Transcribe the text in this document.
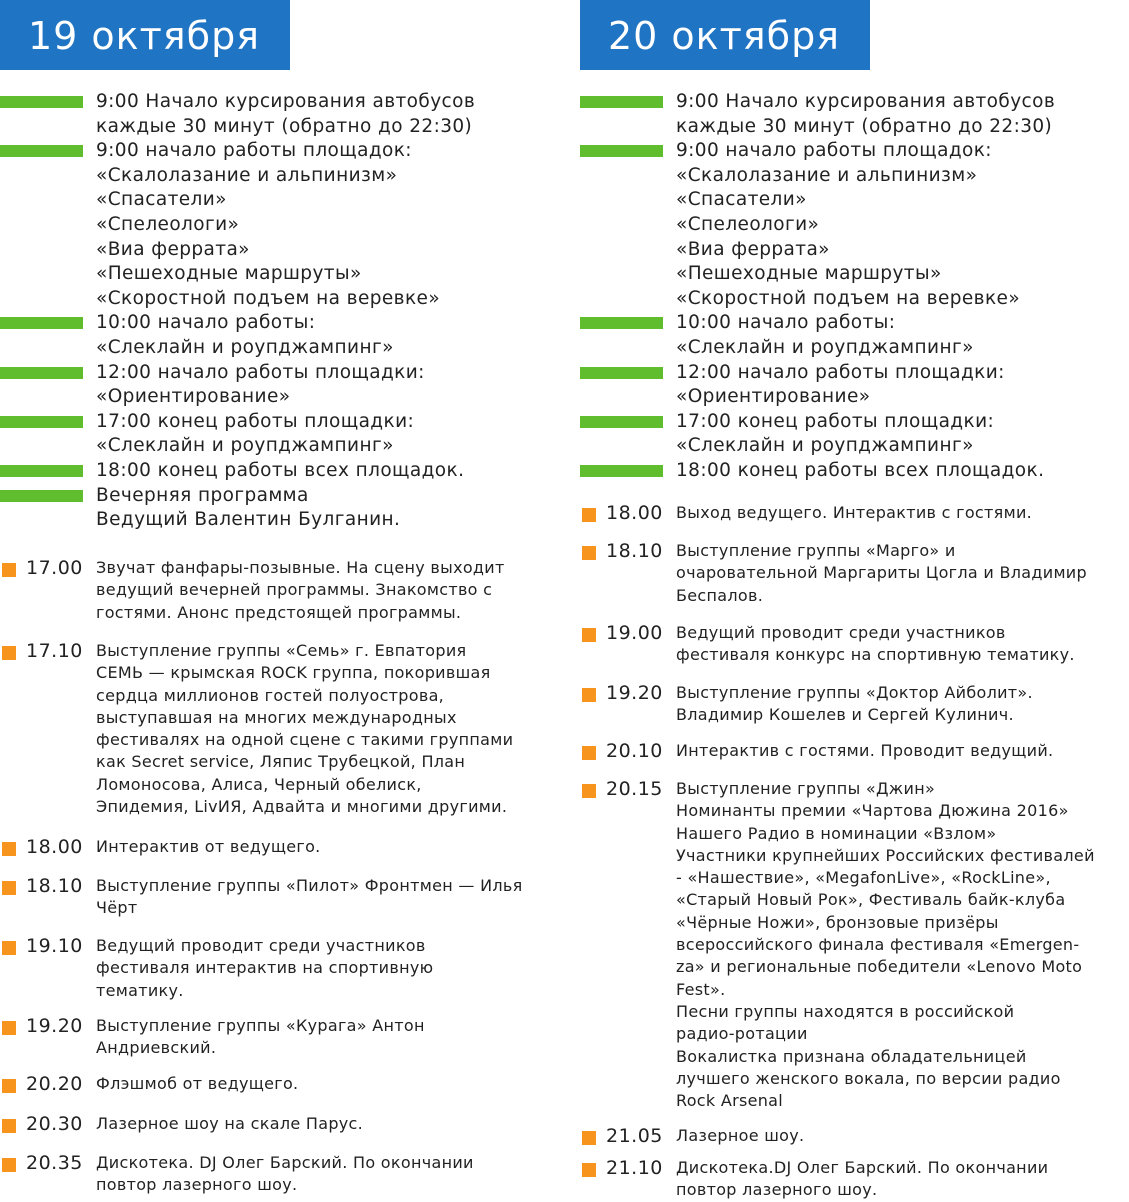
19 октября
9:00 Начало курсирования автобусов
каждые 30 минут (обратно до 22:30)
9:00 начало работы площадок:
«Скалолазание и альпинизм»
«Спасатели»
«Спелеологи»
«Виа феррата»
«Пешеходные маршруты»
«Скоростной подъем на веревке»
10:00 начало работы:
«Слеклайн и роупджампинг»
12:00 начало работы площадки:
«Ориентирование»
17:00 конец работы площадки:
«Слеклайн и роупджампинг»
18:00 конец работы всех площадок.
Вечерняя программа
Ведущий Валентин Булганин.
17.00 Звучат фанфары-позывные. На сцену выходит
ведущий вечерней программы. Знакомство с
гостями. Анонс предстоящей программы.
17.10 Выступление группы «Семь» г. Евпатория
СЕМЬ — крымская ROCK группа, покорившая
сердца миллионов гостей полуострова,
выступавшая на многих международных
фестивалях на одной сцене с такими группами
как Secret service, Ляпис Трубецкой, План
Ломоносова, Алиса, Черный обелиск,
Эпидемия, LivИЯ, Адвайта и многими другими.
18.00 Интерактив от ведущего.
18.10 Выступление группы «Пилот» Фронтмен — Илья
Чёрт
19.10 Ведущий проводит среди участников
фестиваля интерактив на спортивную
тематику.
19.20 Выступление группы «Курага» Антон
Андриевский.
20.20 Флэшмоб от ведущего.
20.30 Лазерное шоу на скале Парус.
20.35 Дискотека. DJ Олег Барский. По окончании
повтор лазерного шоу.
20 октября
9:00 Начало курсирования автобусов
каждые 30 минут (обратно до 22:30)
9:00 начало работы площадок:
«Скалолазание и альпинизм»
«Спасатели»
«Спелеологи»
«Виа феррата»
«Пешеходные маршруты»
«Скоростной подъем на веревке»
10:00 начало работы:
«Слеклайн и роупджампинг»
12:00 начало работы площадки:
«Ориентирование»
17:00 конец работы площадки:
«Слеклайн и роупджампинг»
18:00 конец работы всех площадок.
18.00 Выход ведущего. Интерактив с гостями.
18.10 Выступление группы «Марго» и
очаровательной Маргариты Цогла и Владимир
Беспалов.
19.00 Ведущий проводит среди участников
фестиваля конкурс на спортивную тематику.
19.20 Выступление группы «Доктор Айболит».
Владимир Кошелев и Сергей Кулинич.
20.10 Интерактив с гостями. Проводит ведущий.
20.15 Выступление группы «Джин»
Номинанты премии «Чартова Дюжина 2016»
Нашего Радио в номинации «Взлом»
Участники крупнейших Российских фестивалей
- «Нашествие», «MegafonLive», «RockLine»,
«Старый Новый Рок», Фестиваль байк-клуба
«Чёрные Ножи», бронзовые призёры
всероссийского финала фестиваля «Emergen-
za» и региональные победители «Lenovo Moto
Fest».
Песни группы находятся в российской
радио-ротации
Вокалистка признана обладательницей
лучшего женского вокала, по версии радио
Rock Arsenal
21.05 Лазерное шоу.
21.10 Дискотека.DJ Олег Барский. По окончании
повтор лазерного шоу.
